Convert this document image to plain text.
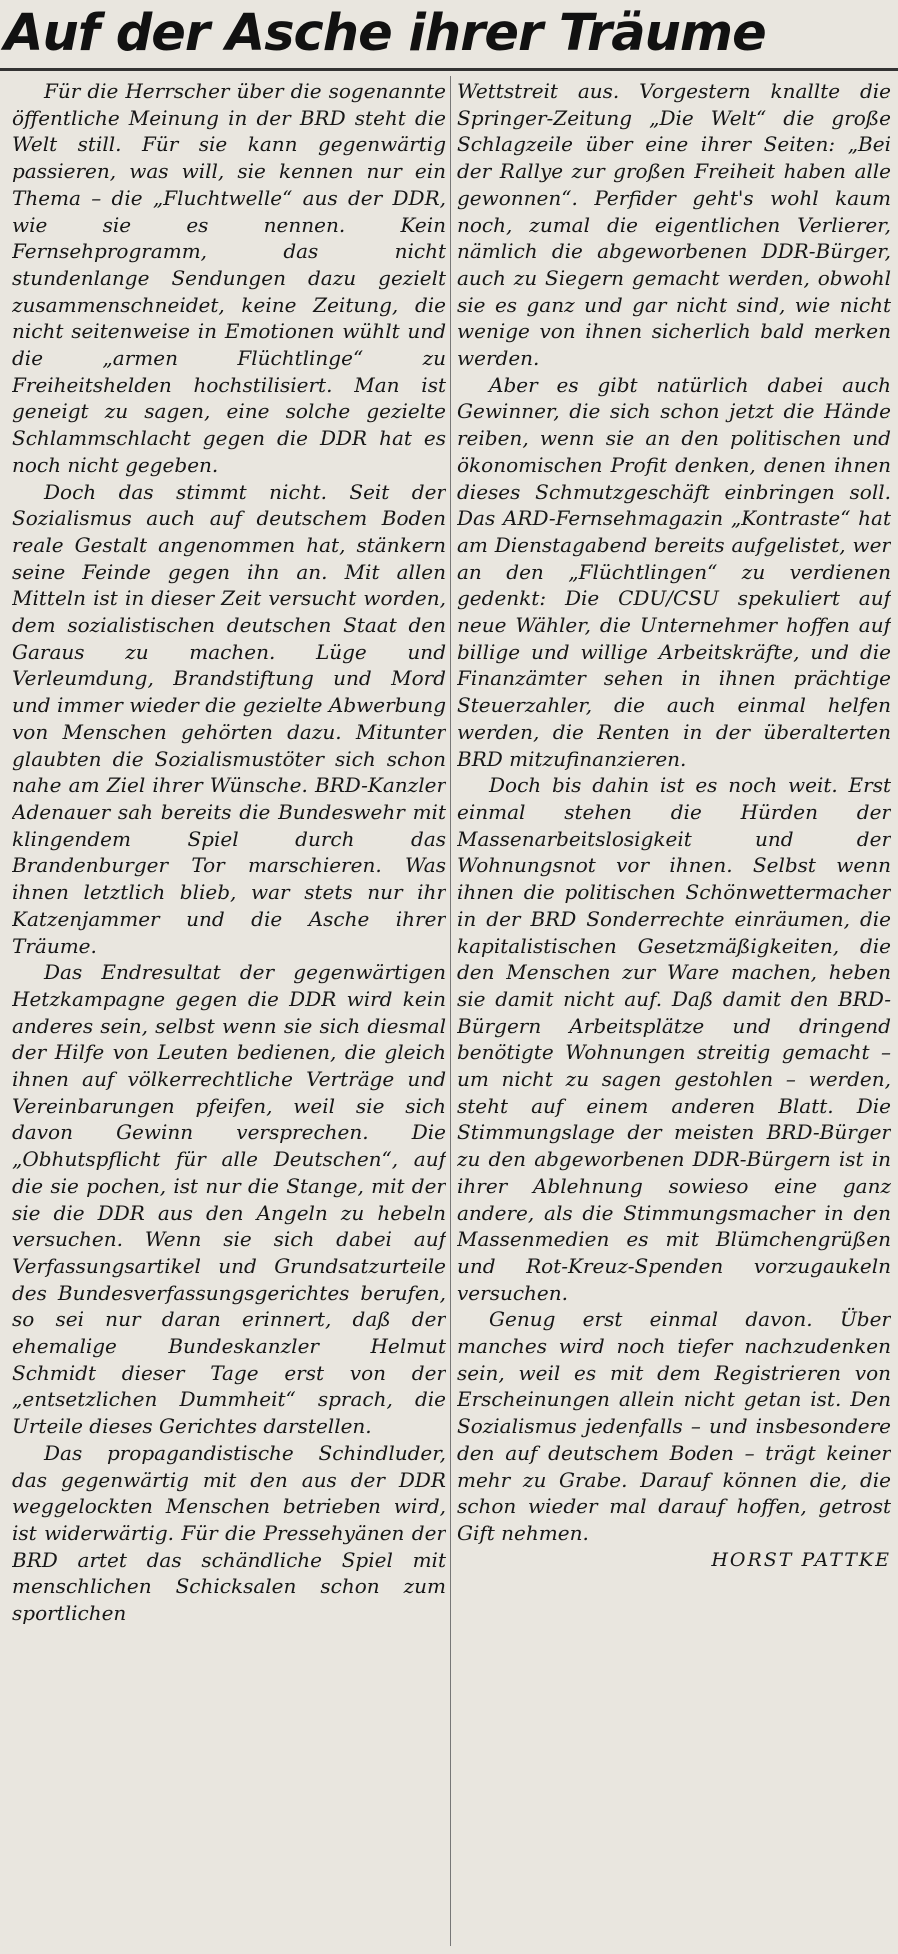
Auf der Asche ihrer Träume

Für die Herrscher über die sogenannte öffentliche Meinung in der BRD steht die Welt still. Für sie kann gegenwärtig passieren, was will, sie kennen nur ein Thema – die „Fluchtwelle“ aus der DDR, wie sie es nennen. Kein Fernsehprogramm, das nicht stundenlange Sendungen dazu gezielt zusammenschneidet, keine Zeitung, die nicht seitenweise in Emotionen wühlt und die „armen Flüchtlinge“ zu Freiheitshelden hochstilisiert. Man ist geneigt zu sagen, eine solche gezielte Schlammschlacht gegen die DDR hat es noch nicht gegeben.

Doch das stimmt nicht. Seit der Sozialismus auch auf deutschem Boden reale Gestalt angenommen hat, stänkern seine Feinde gegen ihn an. Mit allen Mitteln ist in dieser Zeit versucht worden, dem sozialistischen deutschen Staat den Garaus zu machen. Lüge und Verleumdung, Brandstiftung und Mord und immer wieder die gezielte Abwerbung von Menschen gehörten dazu. Mitunter glaubten die Sozialismustöter sich schon nahe am Ziel ihrer Wünsche. BRD-Kanzler Adenauer sah bereits die Bundeswehr mit klingendem Spiel durch das Brandenburger Tor marschieren. Was ihnen letztlich blieb, war stets nur ihr Katzenjammer und die Asche ihrer Träume.

Das Endresultat der gegenwärtigen Hetzkampagne gegen die DDR wird kein anderes sein, selbst wenn sie sich diesmal der Hilfe von Leuten bedienen, die gleich ihnen auf völkerrechtliche Verträge und Vereinbarungen pfeifen, weil sie sich davon Gewinn versprechen. Die „Obhutspflicht für alle Deutschen“, auf die sie pochen, ist nur die Stange, mit der sie die DDR aus den Angeln zu hebeln versuchen. Wenn sie sich dabei auf Verfassungsartikel und Grundsatzurteile des Bundesverfassungsgerichtes berufen, so sei nur daran erinnert, daß der ehemalige Bundeskanzler Helmut Schmidt dieser Tage erst von der „entsetzlichen Dummheit“ sprach, die Urteile dieses Gerichtes darstellen.

Das propagandistische Schindluder, das gegenwärtig mit den aus der DDR weggelockten Menschen betrieben wird, ist widerwärtig. Für die Pressehyänen der BRD artet das schändliche Spiel mit menschlichen Schicksalen schon zum sportlichen

Wettstreit aus. Vorgestern knallte die Springer-Zeitung „Die Welt“ die große Schlagzeile über eine ihrer Seiten: „Bei der Rallye zur großen Freiheit haben alle gewonnen“. Perfider geht's wohl kaum noch, zumal die eigentlichen Verlierer, nämlich die abgeworbenen DDR-Bürger, auch zu Siegern gemacht werden, obwohl sie es ganz und gar nicht sind, wie nicht wenige von ihnen sicherlich bald merken werden.

Aber es gibt natürlich dabei auch Gewinner, die sich schon jetzt die Hände reiben, wenn sie an den politischen und ökonomischen Profit denken, denen ihnen dieses Schmutzgeschäft einbringen soll. Das ARD-Fernsehmagazin „Kontraste“ hat am Dienstagabend bereits aufgelistet, wer an den „Flüchtlingen“ zu verdienen gedenkt: Die CDU/CSU spekuliert auf neue Wähler, die Unternehmer hoffen auf billige und willige Arbeitskräfte, und die Finanzämter sehen in ihnen prächtige Steuerzahler, die auch einmal helfen werden, die Renten in der überalterten BRD mitzufinanzieren.

Doch bis dahin ist es noch weit. Erst einmal stehen die Hürden der Massenarbeitslosigkeit und der Wohnungsnot vor ihnen. Selbst wenn ihnen die politischen Schönwettermacher in der BRD Sonderrechte einräumen, die kapitalistischen Gesetzmäßigkeiten, die den Menschen zur Ware machen, heben sie damit nicht auf. Daß damit den BRD-Bürgern Arbeitsplätze und dringend benötigte Wohnungen streitig gemacht – um nicht zu sagen gestohlen – werden, steht auf einem anderen Blatt. Die Stimmungslage der meisten BRD-Bürger zu den abgeworbenen DDR-Bürgern ist in ihrer Ablehnung sowieso eine ganz andere, als die Stimmungsmacher in den Massenmedien es mit Blümchengrüßen und Rot-Kreuz-Spenden vorzugaukeln versuchen.

Genug erst einmal davon. Über manches wird noch tiefer nachzudenken sein, weil es mit dem Registrieren von Erscheinungen allein nicht getan ist. Den Sozialismus jedenfalls – und insbesondere den auf deutschem Boden – trägt keiner mehr zu Grabe. Darauf können die, die schon wieder mal darauf hoffen, getrost Gift nehmen.

HORST PATTKE
